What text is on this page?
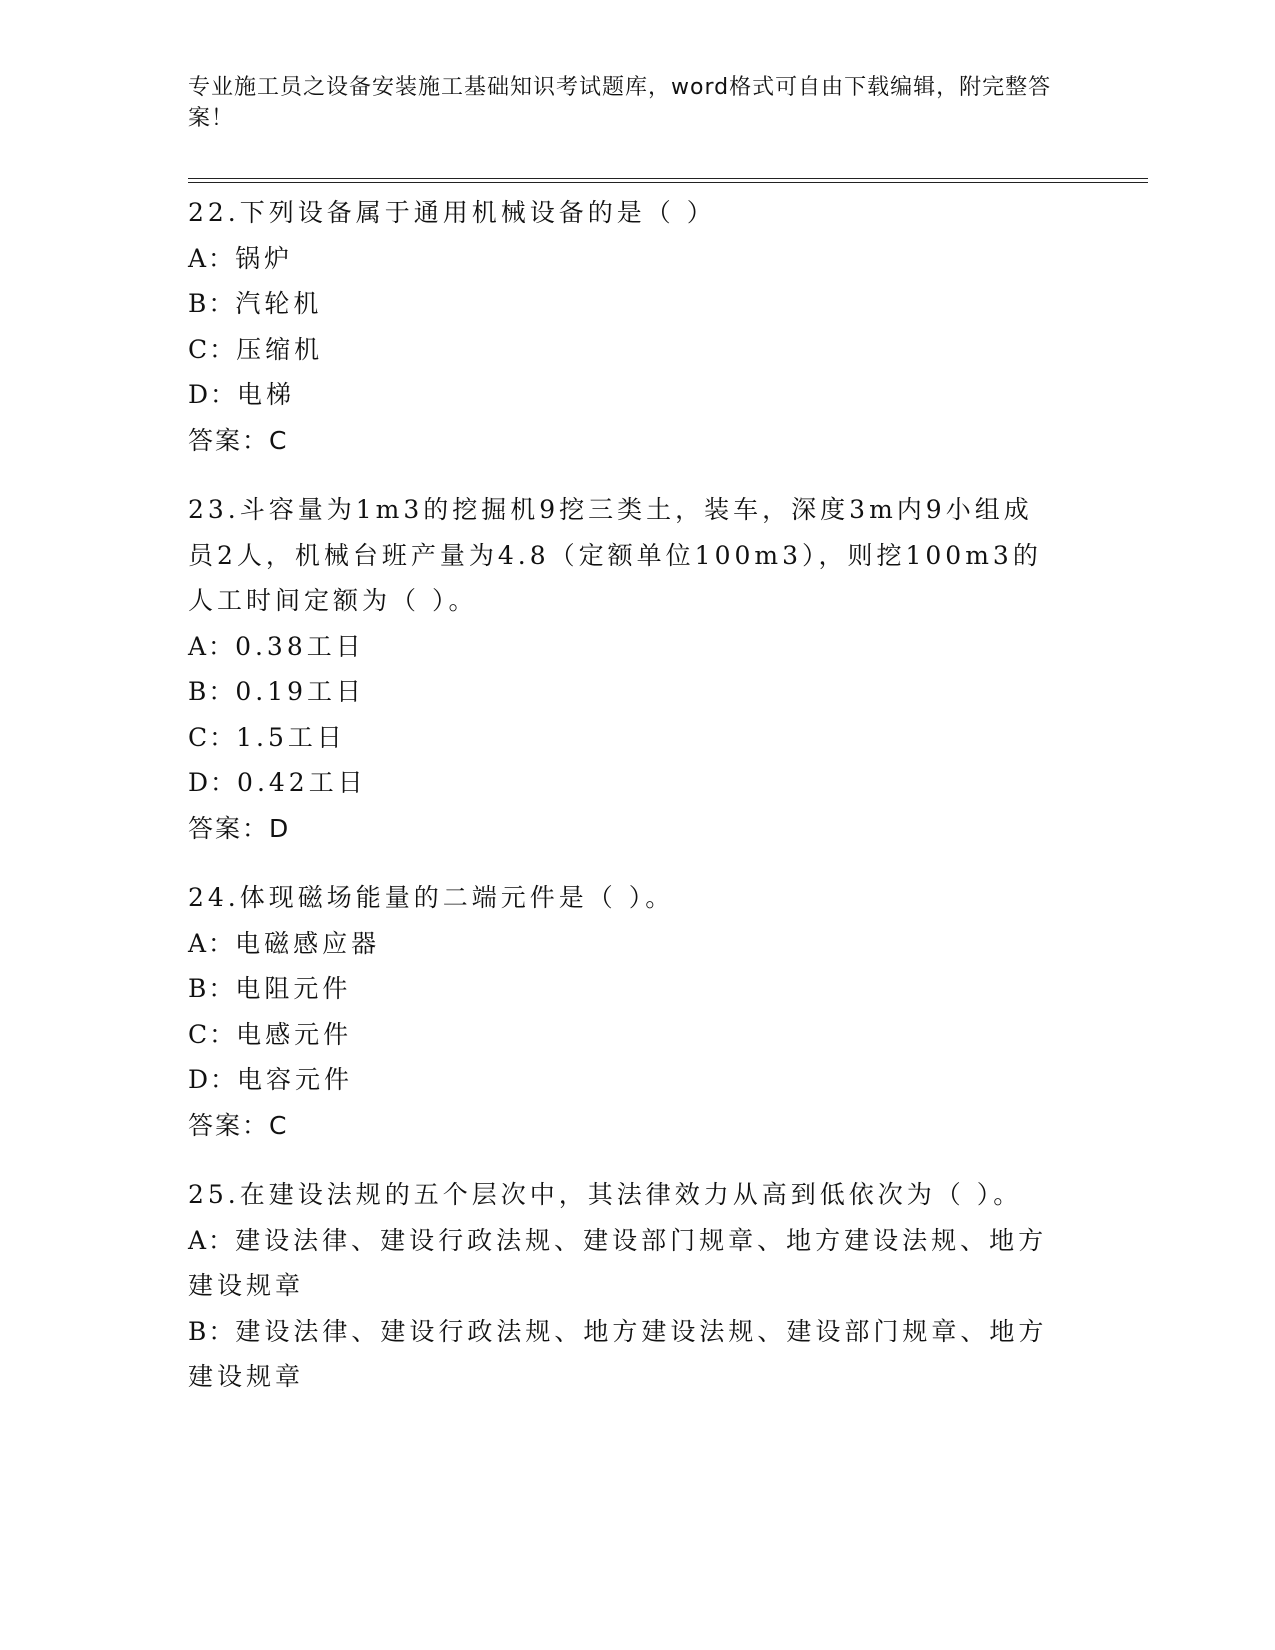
专业施工员之设备安装施工基础知识考试题库，word格式可自由下载编辑，附完整答案！
22.下列设备属于通用机械设备的是（ ）
A：锅炉
B：汽轮机
C：压缩机
D：电梯
答案：C
23.斗容量为1m3的挖掘机9挖三类土，装车，深度3m内9小组成员2人，机械台班产量为4.8（定额单位100m3），则挖100m3的人工时间定额为（ ）。
A：0.38工日
B：0.19工日
C：1.5工日
D：0.42工日
答案：D
24.体现磁场能量的二端元件是（ ）。
A：电磁感应器
B：电阻元件
C：电感元件
D：电容元件
答案：C
25.在建设法规的五个层次中，其法律效力从高到低依次为（ ）。
A：建设法律、建设行政法规、建设部门规章、地方建设法规、地方建设规章
B：建设法律、建设行政法规、地方建设法规、建设部门规章、地方建设规章
